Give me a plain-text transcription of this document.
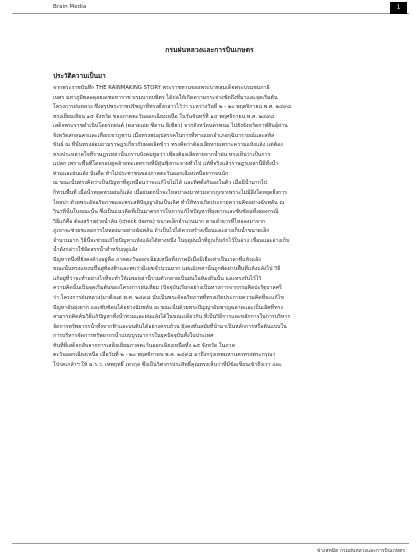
Brain Media	1
กรมฝนหลวงและการบินเกษตร
ประวัติความเป็นมา
จากพระราชบันทึก THE RAINMAKING STORY พระราชทานของพระบาทสมเด็จพระบรมชนกาธิ
เบศร มหาภูมิพลอดุลยเดชมหาราช บรมนาถบพิตร ได้ก่อให้เกิดความกระจ่างชัดถึงที่มาและจุดเริ่มต้น
โครงการฝนหลวง ซึ่งสรุปพระราชปรัชญาที่ทรงตั้งกล่าวไว้ว่า ระหว่างวันที่ ๒ - ๒๐ พฤศจิกายน พ.ศ. ๒๔๙๘
ทรงเยี่ยมเยียน ๑๕ จังหวัด ของภาคตะวันออกเฉียงเหนือ ในวันจันทร์ที่ ๑๔ พฤศจิกายน พ.ศ. ๒๔๙๘
เสด็จพระราชดำเนินโดยรถยนต์ (ตลาดเอ่ย ซีดาน ลีเซียว) จากจังหวัดนครพนม ไปยังจังหวัดกาฬสินธุ์ผ่าน
จังหวัดสกลนครและเทือกเขาภูพาน เมื่อทรงพบอุปสรรคในการที่ทางแยกอำเภอกุฉินารายณ์และสหัส
ขันธ์ ณ ที่นั้นทรงสอบถามราษฎรเกี่ยวกับผลผลิตข้าว ทรงคิดว่าต้องเสียหายเพราะความแห้งแล้ง แต่ต้อง
ทรงประหลาดใจที่ราษฎรเหล่านั้นกราบบังคมทูลว่า เพียงต้องเสียหายจากน้ำฝน ทรงเห็นว่าเป็นการ
แปลก เพราะพื้นที่โดยรอบดูคล้ายทะเลทรายที่มีฝุ่นฟุ้งกระจายทั่วไป แท้ที่จริงแล้วราษฎรเหล่านี้มีทั้งน้ำ
ท่วมและฝนแล้ง นั่นคือ ท้าไม่ประชาชนของภาคตะวันออกเฉียงเหนือยากจนนัก
ณ ขณะนั้นทรงคิดว่าเป็นปัญหาที่ดูเหมือนว่าจะแก้ไขไม่ได้ และทิศตั้งกันองในตัว เมื่อมีน้ำมากไป
ก็ท่วมพื้นที่ เมื่อน้ำหยุดท่วมฝนก็แล้ง เมื่อฝนตกน้ำจะไหลบ่าลงมาท่วมจากภูเขาเพราะไม่มีสิ่งใดหยุดยั้งการ
ไหลบ่า ด้วยพระอัจฉริยภาพและพระสติปัญญาอันเป็นเลิศ ทำให้ทรงเกิดประกายความคิดอย่างฉับพลัน ณ
วินาทีนั้นในขณะนั้น ซึ่งเป็นแนวคิดที่เป็นมาตรการในการแก้ไขปัญหาที่ยุ่งยากและซับซ้อนทั้งสองกรณี
วิธีแก้คือ ต้องสร้างฝายน้ำล้น (check dams) ขนาดเล็กจำนวนมาก ตามลำธารที่ไหลลงมาจาก
ภูเขาจะช่วยชะลอการไหลลงมาอย่างฉับพลัน ถ้าเป็นไปได้ควรสร้างเขื่อนและอ่างเก็บน้ำขนาดเล็ก
จำนวนมาก วิธีนี้จะช่วยแก้ไขปัญหาแห้งแล้งได้ทางหนึ่ง ในฤดูฝนน้ำที่ถูกเก็บกักไว้ในอ่าง เขื่อนและอ่างเก็บ
น้ำดังกล่าวใช้จัดสรรน้ำสำหรับฤดูแล้ง
ปัญหาหนึ่งที่ยังคงค้างอยู่คือ ภาคตะวันออกเฉียงเหนือทั้งภาคมีเมื่อมีเยือเท่าเป็นเวลาที่แห้งแล้ง
ขณะนั้นทรงแหงนขึ้นสู่ท้องฟ้าและพบว่ามีเมฆจำนวนมาก แต่แม้เหล่านั้นถูกพัดผ่านพื้นที่แห้งแล้งไป วิธี
แก้อยู่ที่ว่าจะทำอย่างไรที่จะทำให้เมฆเหล่านี้รวมตัวกลายเป็นฝนในท้องถิ่นนั้น และทรงรับไว้ไว้
ความคิดนั้นเป็นจุดเริ่มต้นของโครงการฝนเทียม (ปัจจุบันเรียกอย่างเป็นทางการจากกรมศิลปะรัฐบาลศรี
ว่า โครงการฝนหลวง)มาตั้งแต่ พ.ศ. ๒๔๙๘ นับเป็นพระอัจฉริยภาพที่ทรงเกิดประกายความคิดที่จะแก้ไข
ปัญหาอันยุ่งยาก และซับซ้อนได้อย่างฉับพลัน ณ ขณะนั้นด้วยพระปัญญาอันชาญฉลาดและเป็นเลิศที่ทรง
สามารถคิดค้นวิธีแก้ปัญหาทั้งน้ำท่วมและฝนแล้งได้ในขณะเดียวกัน ที่เป็นวิธีการและหลักการในการบริหาร
จัดการทรัพยากรน้ำทั้งจากฟ้าและบนดินได้อย่างครบถ้วน ยังคงทันสมัยที่นำมาเป็นหลักการหรือต้นแบบใน
การบริหารจัดการทรัพยากรน้ำแบบบูรณาการในยุคปัจจุบันทั้งในประเทศ
ทันทีที่เสด็จกลับจากการเสด็จเยี่ยมภาคตะวันออกเฉียงเหนือทั้ง ๑๕ จังหวัด ในภาค
ตะวันออกเฉียงเหนือ เมื่อวันที่ ๒ - ๒๐ พฤศจิกายน พ.ศ. ๒๔๙๘ มาถึงกรุงเทพมหานครทรงพระกรุณา
โปรดเกล้าฯ ให้ ม.ร.ว. เทพฤทธิ์ เทวกุล ซึ่งเป็นวิศวกรประสิทธิ์คุณทรงเห็นว่าที่มีข้อเขียนเข้าถึงเรา และ
ช่างสหมิด กรมฝนหลวงและการบินเกษตร
